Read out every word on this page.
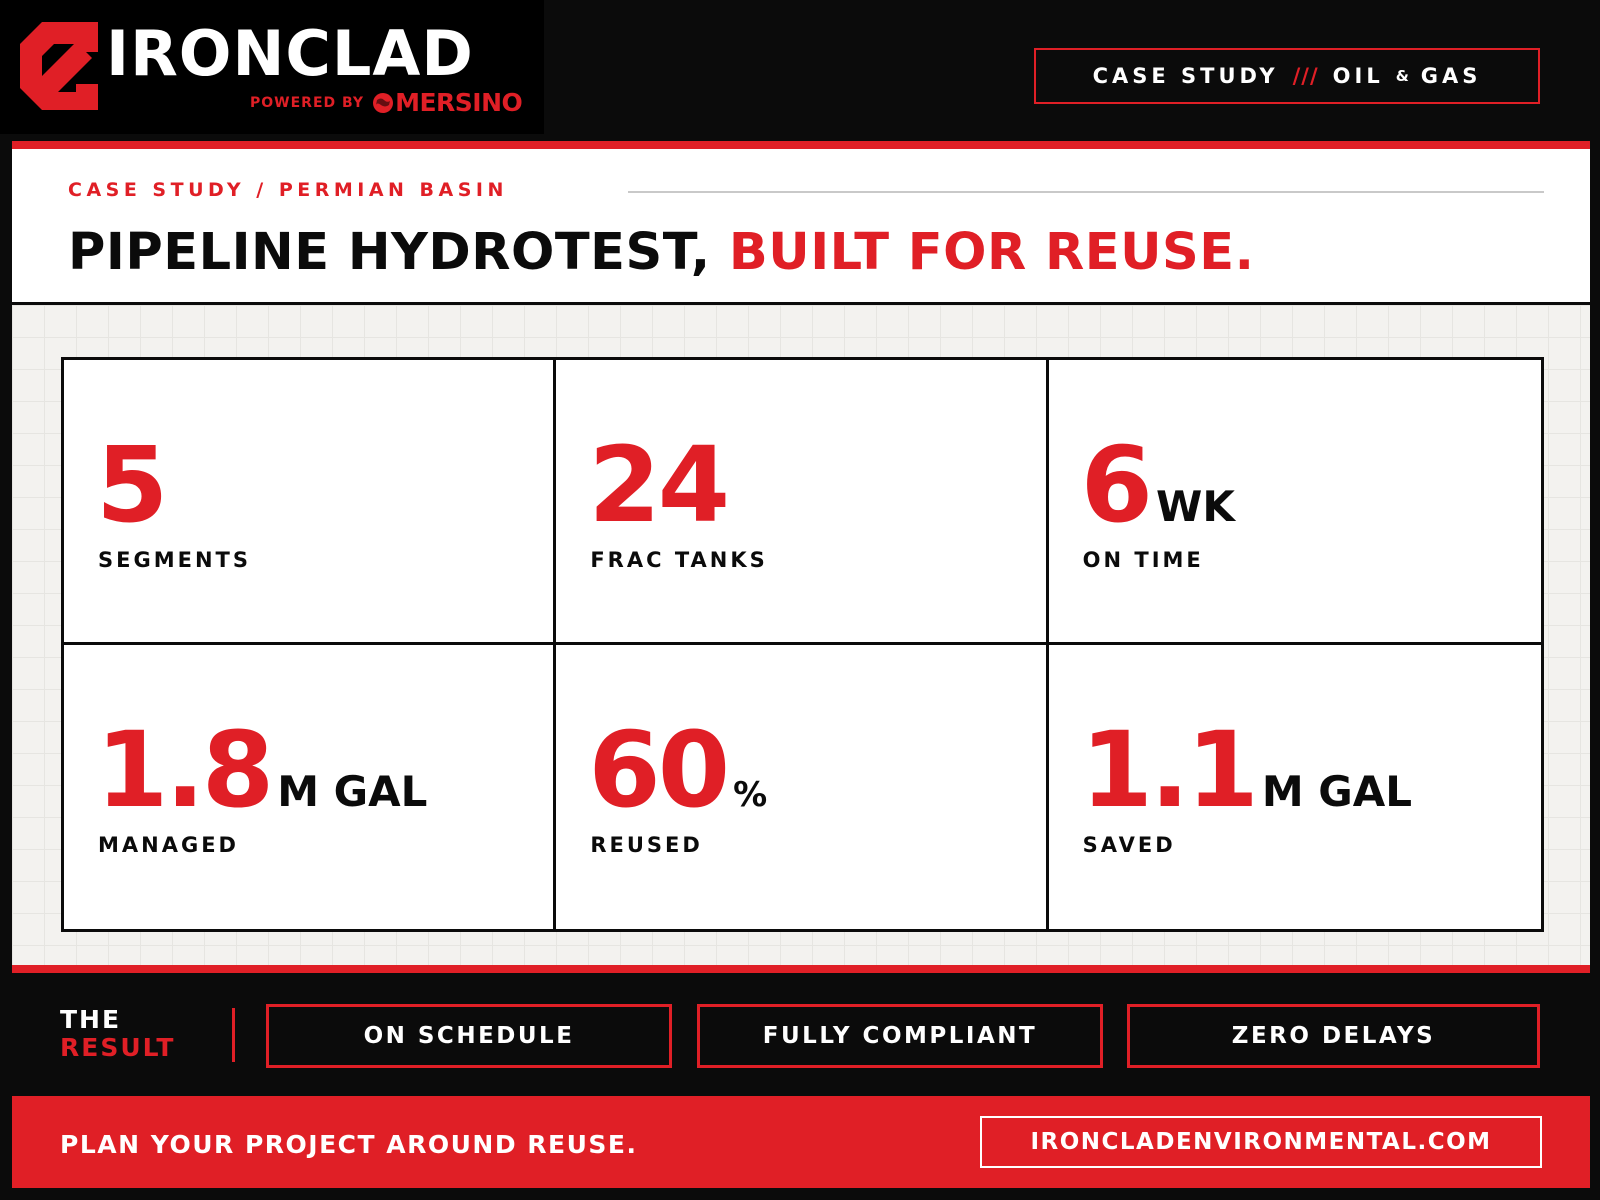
IRONCLAD
POWERED BY MERSINO
CASE STUDY /// OIL & GAS
CASE STUDY / PERMIAN BASIN
PIPELINE HYDROTEST, BUILT FOR REUSE.
5
SEGMENTS
24
FRAC TANKS
6 WK
ON TIME
1.8 M GAL
MANAGED
60 %
REUSED
1.1 M GAL
SAVED
THE
RESULT	ON SCHEDULE	FULLY COMPLIANT	ZERO DELAYS
PLAN YOUR PROJECT AROUND REUSE.	IRONCLADENVIRONMENTAL.COM
